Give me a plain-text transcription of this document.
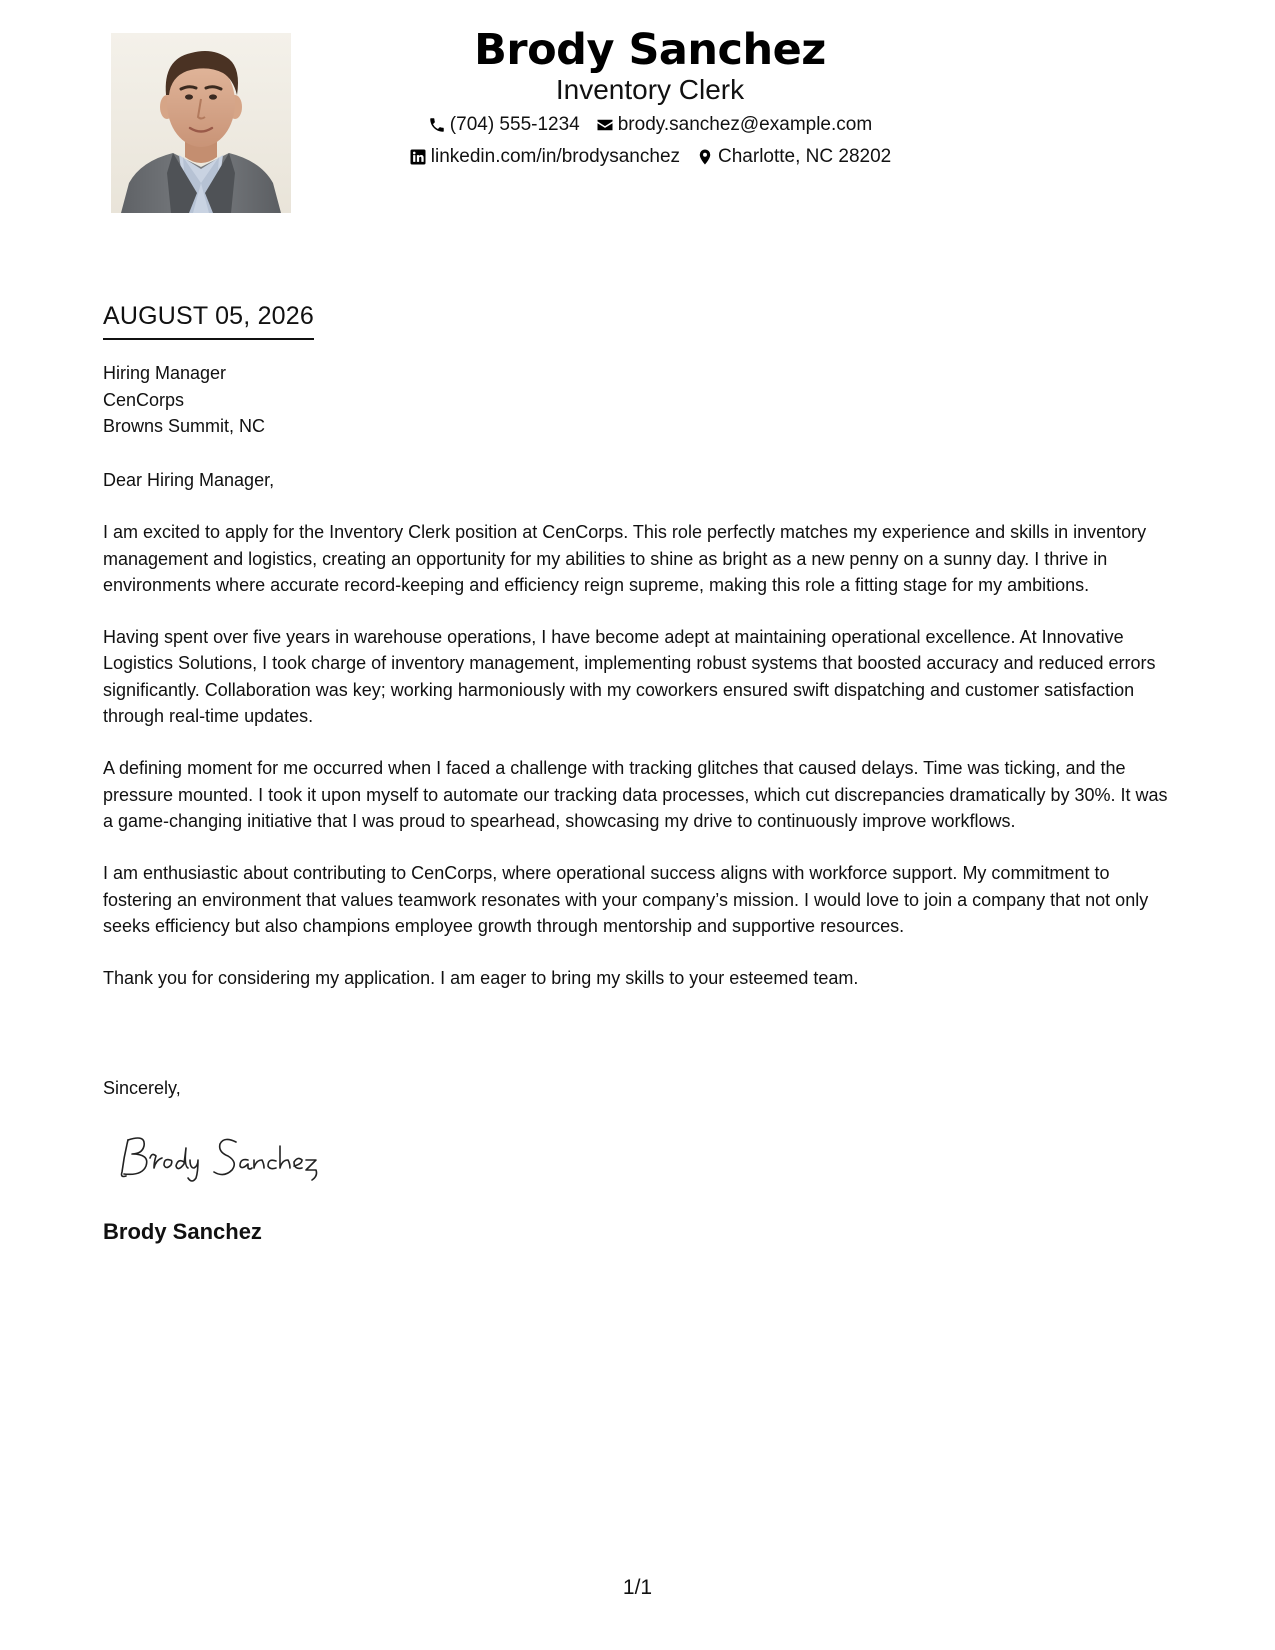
Brody Sanchez
Inventory Clerk
(704) 555-1234 brody.sanchez@example.com
linkedin.com/in/brodysanchez Charlotte, NC 28202
AUGUST 05, 2026
Hiring Manager
CenCorps
Browns Summit, NC

Dear Hiring Manager,

I am excited to apply for the Inventory Clerk position at CenCorps. This role perfectly matches my experience and skills in inventory management and logistics, creating an opportunity for my abilities to shine as bright as a new penny on a sunny day. I thrive in environments where accurate record-keeping and efficiency reign supreme, making this role a fitting stage for my ambitions.

Having spent over five years in warehouse operations, I have become adept at maintaining operational excellence. At Innovative Logistics Solutions, I took charge of inventory management, implementing robust systems that boosted accuracy and reduced errors significantly. Collaboration was key; working harmoniously with my coworkers ensured swift dispatching and customer satisfaction through real-time updates.

A defining moment for me occurred when I faced a challenge with tracking glitches that caused delays. Time was ticking, and the pressure mounted. I took it upon myself to automate our tracking data processes, which cut discrepancies dramatically by 30%. It was a game-changing initiative that I was proud to spearhead, showcasing my drive to continuously improve workflows.

I am enthusiastic about contributing to CenCorps, where operational success aligns with workforce support. My commitment to fostering an environment that values teamwork resonates with your company’s mission. I would love to join a company that not only seeks efficiency but also champions employee growth through mentorship and supportive resources.

Thank you for considering my application. I am eager to bring my skills to your esteemed team.

Sincerely,
Brody Sanchez
1/1
